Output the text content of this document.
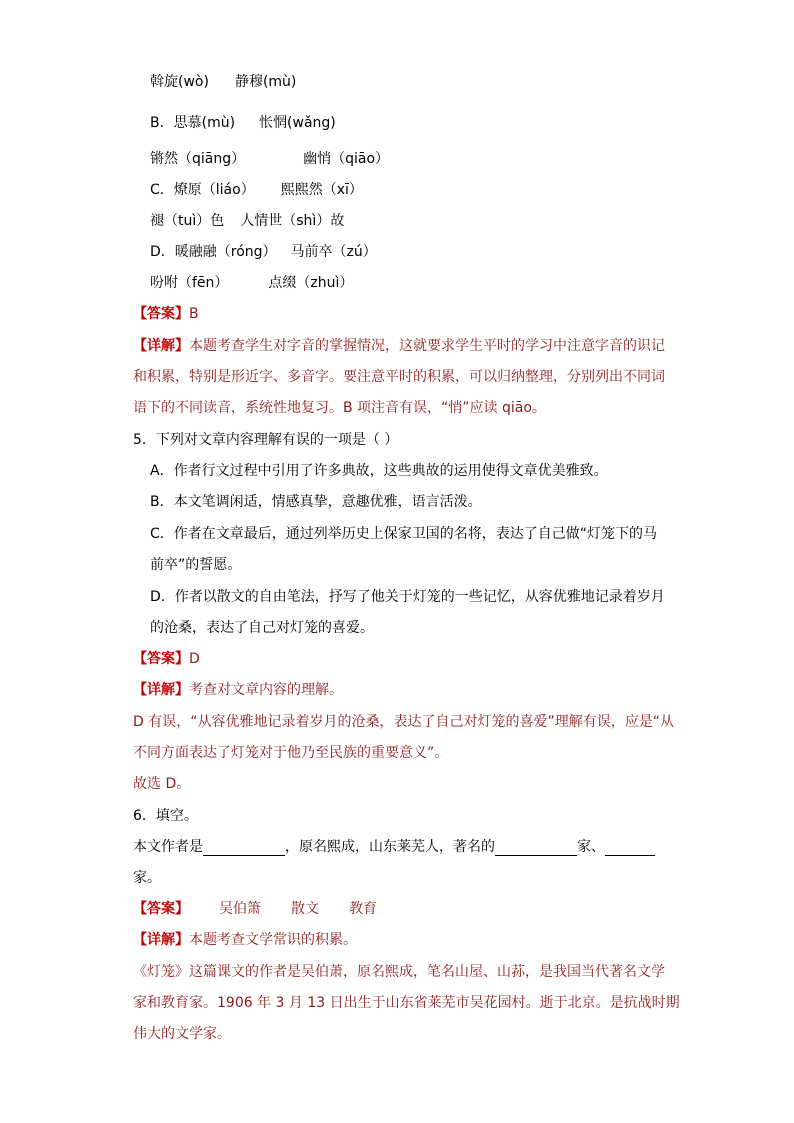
斡旋(wò) 静穆(mù)
B．思慕(mù) 怅惘(wǎng)
锵然（qiāng）	幽悄（qiāo）
C．燎原（liáo） 熙熙然（xī）
褪（tuì）色 人情世（shì）故
D．暖融融（róng） 马前卒（zú）
吩咐（fēn）	点缀（zhuì）
【答案】B
【详解】本题考查学生对字音的掌握情况，这就要求学生平时的学习中注意字音的识记
和积累，特别是形近字、多音字。要注意平时的积累，可以归纳整理，分别列出不同词
语下的不同读音，系统性地复习。B 项注音有误，“悄”应读 qiāo。
5．下列对文章内容理解有误的一项是（ ）
A．作者行文过程中引用了许多典故，这些典故的运用使得文章优美雅致。
B．本文笔调闲适，情感真挚，意趣优雅，语言活泼。
C．作者在文章最后，通过列举历史上保家卫国的名将，表达了自己做“灯笼下的马
前卒”的誓愿。
D．作者以散文的自由笔法，抒写了他关于灯笼的一些记忆，从容优雅地记录着岁月
的沧桑，表达了自己对灯笼的喜爱。
【答案】D
【详解】考查对文章内容的理解。
D 有误，“从容优雅地记录着岁月的沧桑，表达了自己对灯笼的喜爱”理解有误，应是“从
不同方面表达了灯笼对于他乃至民族的重要意义”。
故选 D。
6．填空。
本文作者是	，原名熙成，山东莱芜人，著名的	家、
家。
【答案】 吴伯箫 散文 教育
【详解】本题考查文学常识的积累。
《灯笼》这篇课文的作者是吴伯萧，原名熙成，笔名山屋、山荪，是我国当代著名文学
家和教育家。1906 年 3 月 13 日出生于山东省莱芜市吴花园村。逝于北京。是抗战时期
伟大的文学家。
